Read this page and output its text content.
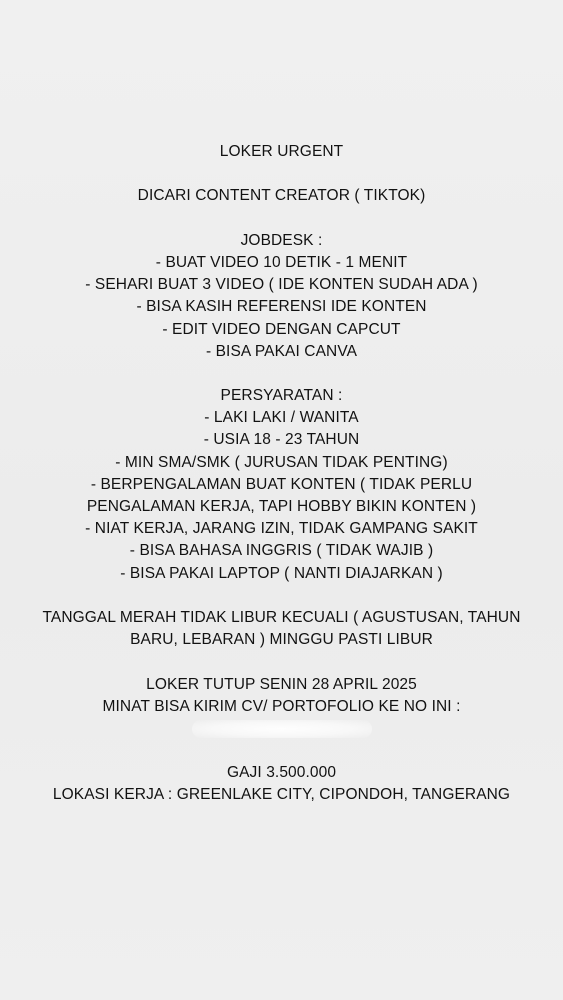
LOKER URGENT
DICARI CONTENT CREATOR ( TIKTOK)
JOBDESK :
- BUAT VIDEO 10 DETIK - 1 MENIT
- SEHARI BUAT 3 VIDEO ( IDE KONTEN SUDAH ADA )
- BISA KASIH REFERENSI IDE KONTEN
- EDIT VIDEO DENGAN CAPCUT
- BISA PAKAI CANVA
PERSYARATAN :
- LAKI LAKI / WANITA
- USIA 18 - 23 TAHUN
- MIN SMA/SMK ( JURUSAN TIDAK PENTING)
- BERPENGALAMAN BUAT KONTEN ( TIDAK PERLU
PENGALAMAN KERJA, TAPI HOBBY BIKIN KONTEN )
- NIAT KERJA, JARANG IZIN, TIDAK GAMPANG SAKIT
- BISA BAHASA INGGRIS ( TIDAK WAJIB )
- BISA PAKAI LAPTOP ( NANTI DIAJARKAN )
TANGGAL MERAH TIDAK LIBUR KECUALI ( AGUSTUSAN, TAHUN
BARU, LEBARAN ) MINGGU PASTI LIBUR
LOKER TUTUP SENIN 28 APRIL 2025
MINAT BISA KIRIM CV/ PORTOFOLIO KE NO INI :
GAJI 3.500.000
LOKASI KERJA : GREENLAKE CITY, CIPONDOH, TANGERANG
